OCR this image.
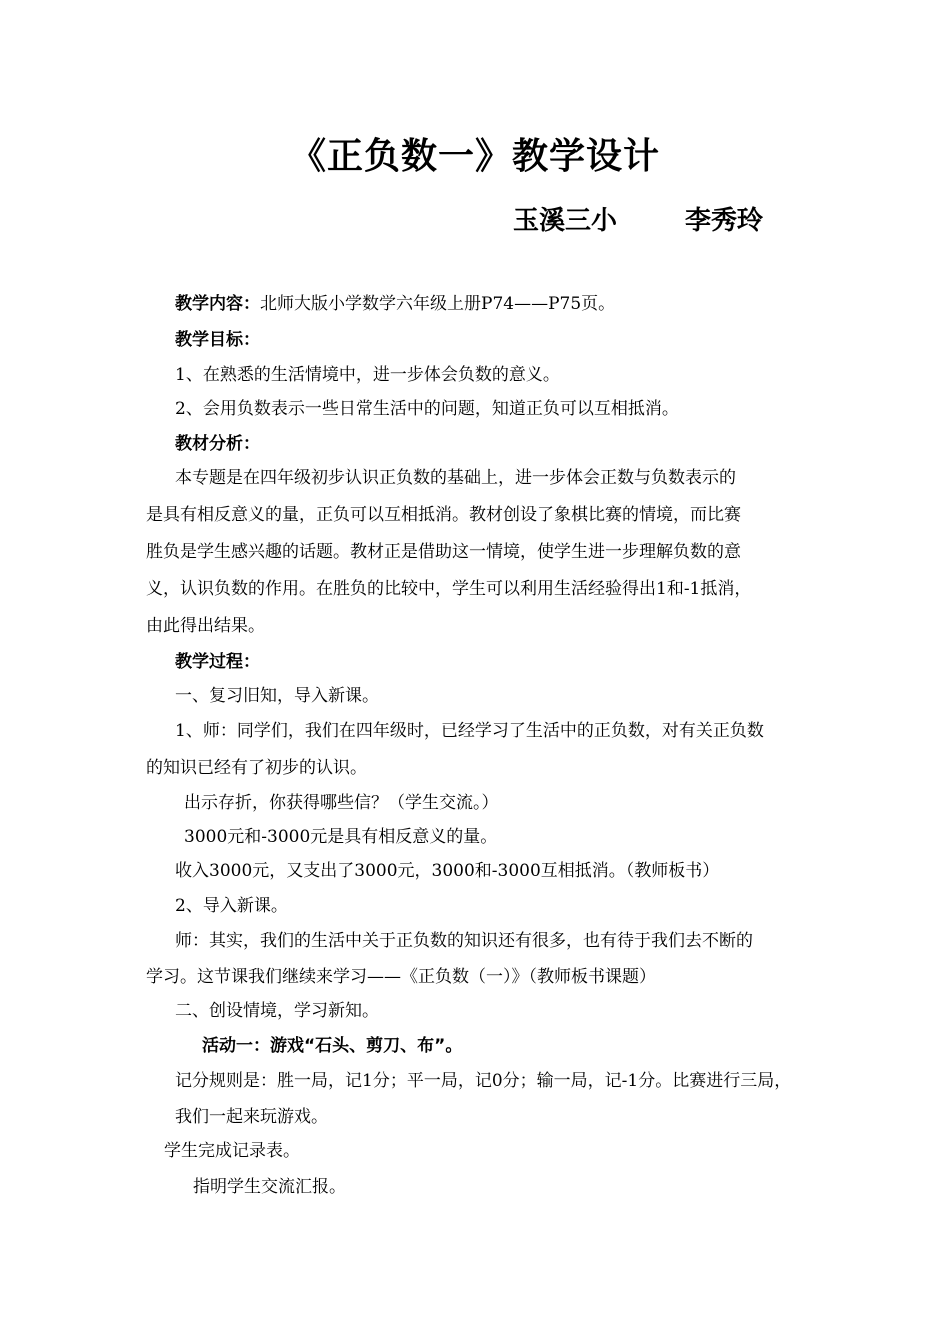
《正负数一》教学设计
玉溪三小	李秀玲
教学内容：北师大版小学数学六年级上册P74——P75页。
教学目标：
1、在熟悉的生活情境中，进一步体会负数的意义。
2、会用负数表示一些日常生活中的问题，知道正负可以互相抵消。
教材分析：
本专题是在四年级初步认识正负数的基础上，进一步体会正数与负数表示的
是具有相反意义的量，正负可以互相抵消。教材创设了象棋比赛的情境，而比赛
胜负是学生感兴趣的话题。教材正是借助这一情境，使学生进一步理解负数的意
义，认识负数的作用。在胜负的比较中，学生可以利用生活经验得出1和-1抵消，
由此得出结果。
教学过程：
一、复习旧知，导入新课。
1、师：同学们，我们在四年级时，已经学习了生活中的正负数，对有关正负数
的知识已经有了初步的认识。
出示存折，你获得哪些信？（学生交流。）
3000元和-3000元是具有相反意义的量。
收入3000元，又支出了3000元，3000和-3000互相抵消。（教师板书）
2、导入新课。
师：其实，我们的生活中关于正负数的知识还有很多，也有待于我们去不断的
学习。这节课我们继续来学习——《正负数（一）》（教师板书课题）
二、创设情境，学习新知。
活动一：游戏“石头、剪刀、布”。
记分规则是：胜一局，记1分；平一局，记0分；输一局，记-1分。比赛进行三局，
我们一起来玩游戏。
学生完成记录表。
指明学生交流汇报。
